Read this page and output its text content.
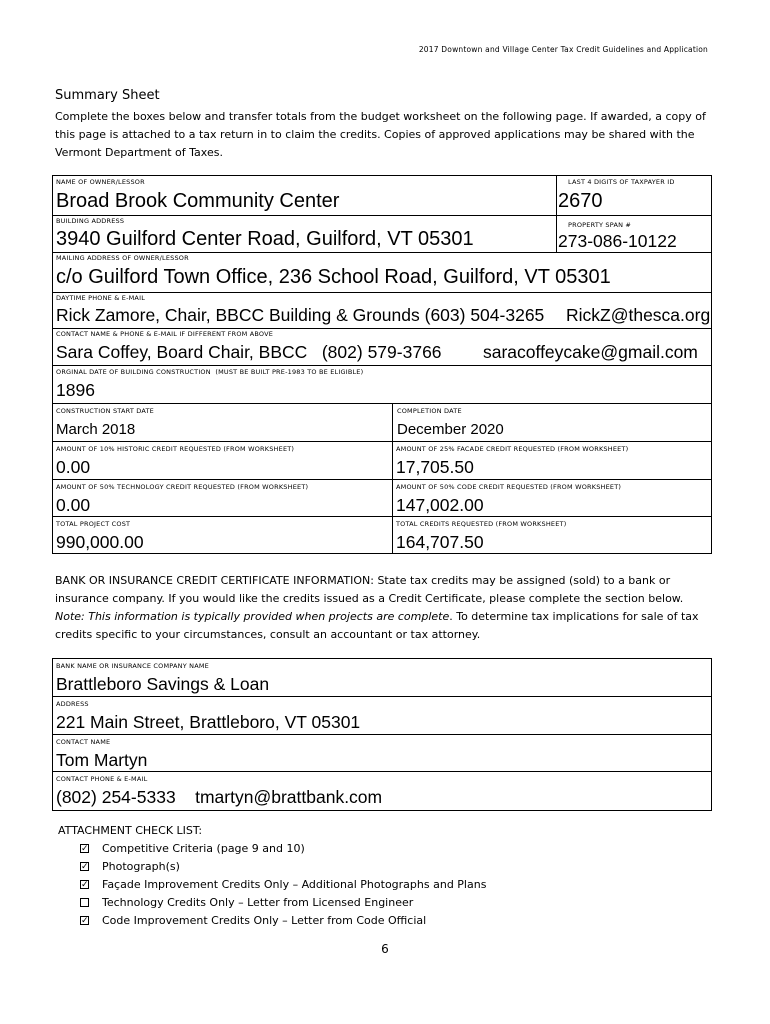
2017 Downtown and Village Center Tax Credit Guidelines and Application
Summary Sheet
Complete the boxes below and transfer totals from the budget worksheet on the following page. If awarded, a copy of this page is attached to a tax return in to claim the credits. Copies of approved applications may be shared with the Vermont Department of Taxes.
NAME OF OWNER/LESSOR
Broad Brook Community Center
LAST 4 DIGITS OF TAXPAYER ID
2670
BUILDING ADDRESS
3940 Guilford Center Road, Guilford, VT 05301
PROPERTY SPAN #
273-086-10122
MAILING ADDRESS OF OWNER/LESSOR
c/o Guilford Town Office, 236 School Road, Guilford, VT 05301
DAYTIME PHONE & E-MAIL
Rick Zamore, Chair, BBCC Building & Grounds (603) 504-3265 RickZ@thesca.org
CONTACT NAME & PHONE & E-MAIL IF DIFFERENT FROM ABOVE
Sara Coffey, Board Chair, BBCC   (802) 579-3766 saracoffeycake@gmail.com
ORGINAL DATE OF BUILDING CONSTRUCTION  (MUST BE BUILT PRE-1983 TO BE ELIGIBLE)
1896
CONSTRUCTION START DATE
March 2018
COMPLETION DATE
December 2020
AMOUNT OF 10% HISTORIC CREDIT REQUESTED (FROM WORKSHEET)
0.00
AMOUNT OF 25% FACADE CREDIT REQUESTED (FROM WORKSHEET)
17,705.50
AMOUNT OF 50% TECHNOLOGY CREDIT REQUESTED (FROM WORKSHEET)
0.00
AMOUNT OF 50% CODE CREDIT REQUESTED (FROM WORKSHEET)
147,002.00
TOTAL PROJECT COST
990,000.00
TOTAL CREDITS REQUESTED (FROM WORKSHEET)
164,707.50
BANK OR INSURANCE CREDIT CERTIFICATE INFORMATION: State tax credits may be assigned (sold) to a bank or insurance company. If you would like the credits issued as a Credit Certificate, please complete the section below. Note: This information is typically provided when projects are complete. To determine tax implications for sale of tax credits specific to your circumstances, consult an accountant or tax attorney.
BANK NAME OR INSURANCE COMPANY NAME
Brattleboro Savings & Loan
ADDRESS
221 Main Street, Brattleboro, VT 05301
CONTACT NAME
Tom Martyn
CONTACT PHONE & E-MAIL
(802) 254-5333    tmartyn@brattbank.com
ATTACHMENT CHECK LIST:
✓ Competitive Criteria (page 9 and 10)
✓ Photograph(s)
✓ Façade Improvement Credits Only – Additional Photographs and Plans
Technology Credits Only – Letter from Licensed Engineer
✓ Code Improvement Credits Only – Letter from Code Official
6
